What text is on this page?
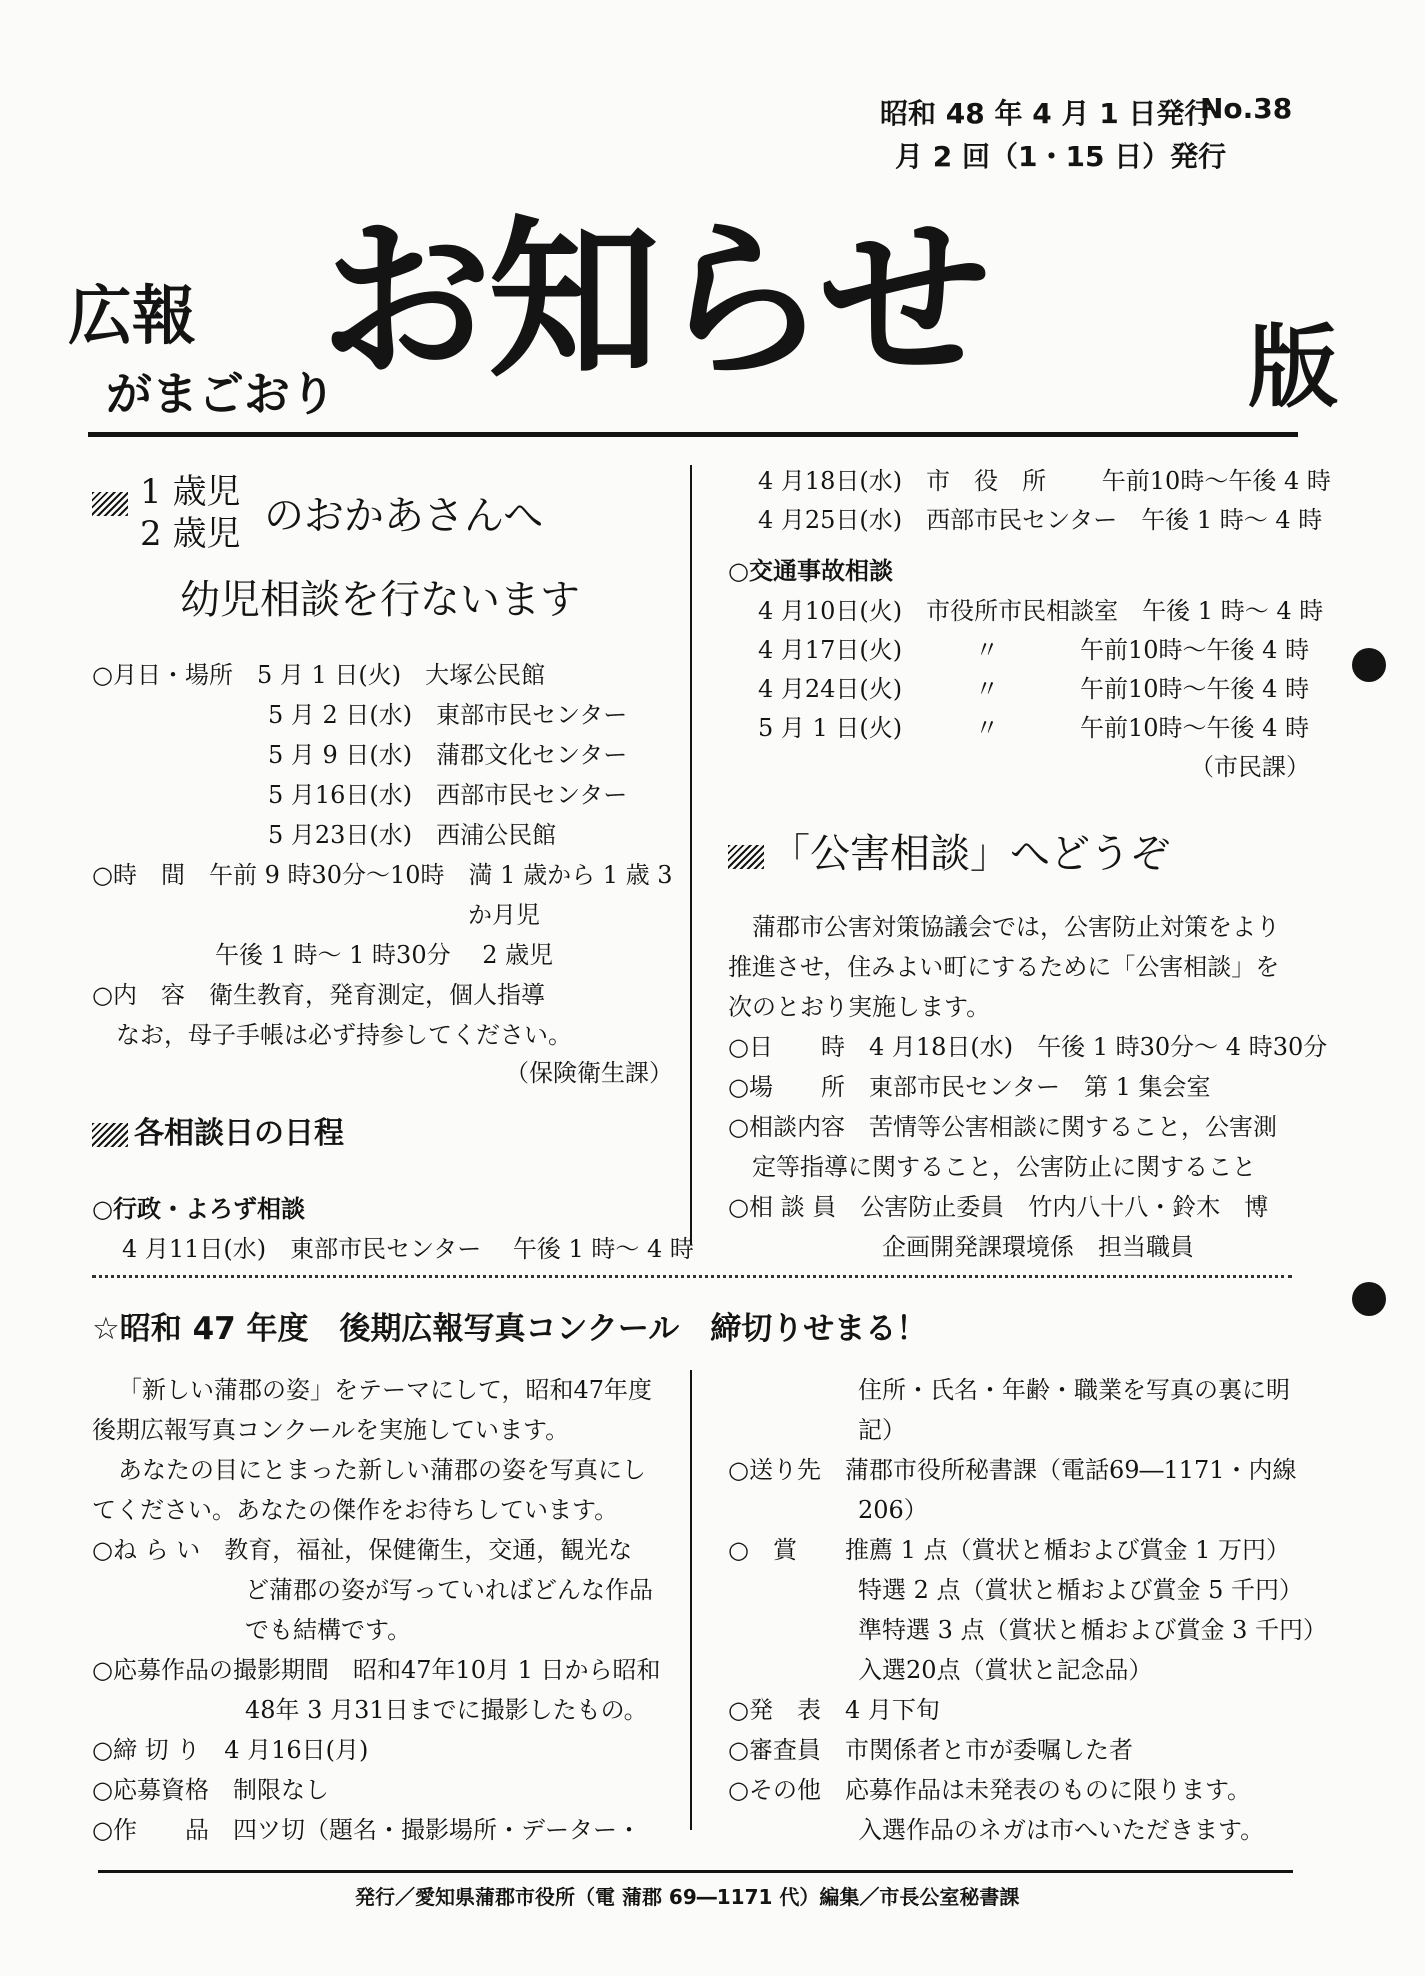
昭和 48 年 4 月 1 日発行
No.38
月 2 回（1・15 日）発行
広報
がまごおり
お知らせ	版
1 歳児
2 歳児 のおかあさんへ
幼児相談を行ないます
○月日・場所　5 月 1 日(火)　大塚公民館
5 月 2 日(水)　東部市民センター
5 月 9 日(水)　蒲郡文化センター
5 月16日(水)　西部市民センター
5 月23日(水)　西浦公民館
○時　間　午前 9 時30分～10時　満 1 歳から 1 歳 3
か月児
午後 1 時～ 1 時30分　 2 歳児
○内　容　衛生教育，発育測定，個人指導
なお，母子手帳は必ず持参してください。
（保険衛生課）
各相談日の日程
○行政・よろず相談
4 月11日(水)　東部市民センター　 午後 1 時～ 4 時
4 月18日(水)　市　役　所　　 午前10時～午後 4 時
4 月25日(水)　西部市民センター　午後 1 時～ 4 時
○交通事故相談
4 月10日(火)　市役所市民相談室　午後 1 時～ 4 時
4 月17日(火)	〃	午前10時～午後 4 時
4 月24日(火)	〃	午前10時～午後 4 時
5 月 1 日(火)	〃	午前10時～午後 4 時
（市民課）
「公害相談」へどうぞ
蒲郡市公害対策協議会では，公害防止対策をより
推進させ，住みよい町にするために「公害相談」を
次のとおり実施します。
○日　　時　4 月18日(水)　午後 1 時30分～ 4 時30分
○場　　所　東部市民センター　第 1 集会室
○相談内容　苦情等公害相談に関すること，公害測
定等指導に関すること，公害防止に関すること
○相 談 員　公害防止委員　竹内八十八・鈴木　博
企画開発課環境係　担当職員
☆昭和 47 年度　後期広報写真コンクール　締切りせまる！
「新しい蒲郡の姿」をテーマにして，昭和47年度
後期広報写真コンクールを実施しています。
あなたの目にとまった新しい蒲郡の姿を写真にし
てください。あなたの傑作をお待ちしています。
○ね ら い　教育，福祉，保健衛生，交通，観光な
ど蒲郡の姿が写っていればどんな作品
でも結構です。
○応募作品の撮影期間　昭和47年10月 1 日から昭和
48年 3 月31日までに撮影したもの。
○締 切 り　4 月16日(月)
○応募資格　制限なし
○作　　品　四ツ切（題名・撮影場所・データー・
住所・氏名・年齢・職業を写真の裏に明
記）
○送り先　蒲郡市役所秘書課（電話69―1171・内線
206）
○　賞　　推薦 1 点（賞状と楯および賞金 1 万円）
特選 2 点（賞状と楯および賞金 5 千円）
準特選 3 点（賞状と楯および賞金 3 千円）
入選20点（賞状と記念品）
○発　表　4 月下旬
○審査員　市関係者と市が委嘱した者
○その他　応募作品は未発表のものに限ります。
入選作品のネガは市へいただきます。
発行／愛知県蒲郡市役所（電 蒲郡 69―1171 代）編集／市長公室秘書課
